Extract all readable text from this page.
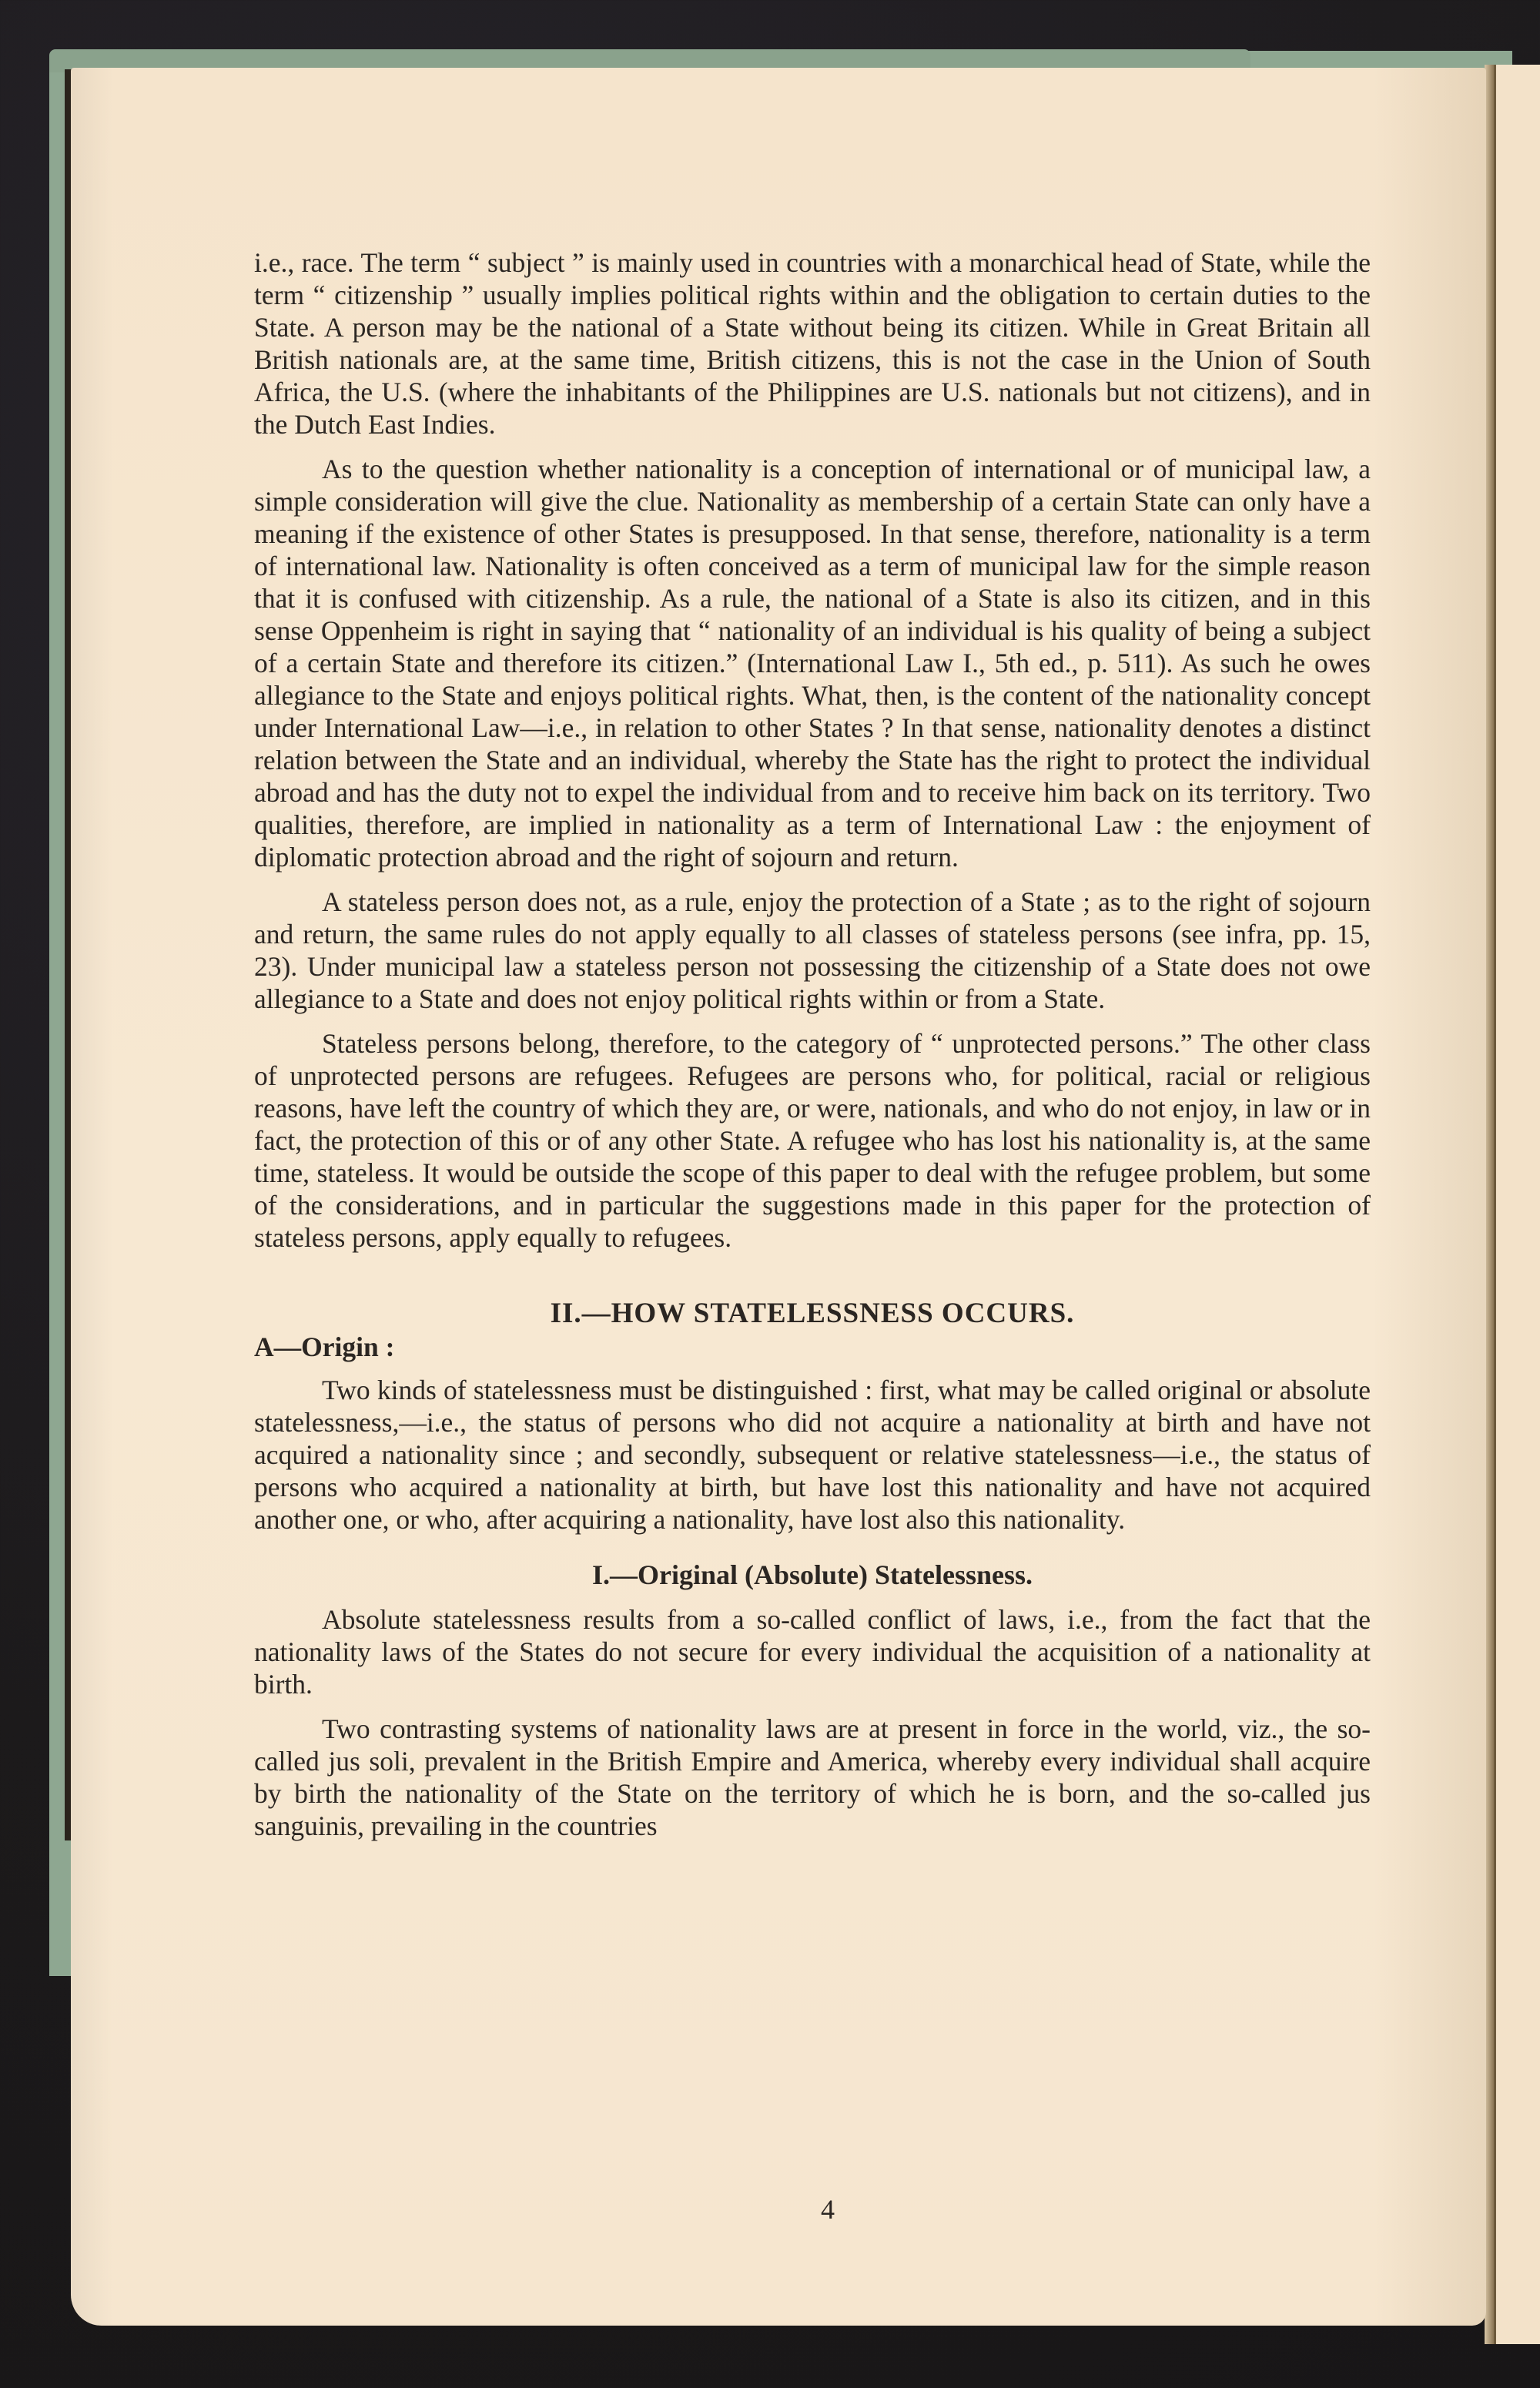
i.e., race. The term “ subject ” is mainly used in countries with a monarchical head of State, while the term “ citizenship ” usually implies political rights within and the obligation to certain duties to the State. A person may be the national of a State without being its citizen. While in Great Britain all British nationals are, at the same time, British citizens, this is not the case in the Union of South Africa, the U.S. (where the inhabitants of the Philippines are U.S. nationals but not citizens), and in the Dutch East Indies.

As to the question whether nationality is a conception of international or of municipal law, a simple consideration will give the clue. Nationality as membership of a certain State can only have a meaning if the existence of other States is presupposed. In that sense, therefore, nationality is a term of international law. Nationality is often conceived as a term of municipal law for the simple reason that it is confused with citizenship. As a rule, the national of a State is also its citizen, and in this sense Oppenheim is right in saying that “ nationality of an individual is his quality of being a subject of a certain State and therefore its citizen.” (International Law I., 5th ed., p. 511). As such he owes allegiance to the State and enjoys political rights. What, then, is the content of the nationality concept under International Law—i.e., in relation to other States ? In that sense, nationality denotes a distinct relation between the State and an individual, whereby the State has the right to protect the individual abroad and has the duty not to expel the individual from and to receive him back on its territory. Two qualities, therefore, are implied in nationality as a term of International Law : the enjoyment of diplomatic protection abroad and the right of sojourn and return.

A stateless person does not, as a rule, enjoy the protection of a State ; as to the right of sojourn and return, the same rules do not apply equally to all classes of stateless persons (see infra, pp. 15, 23). Under municipal law a stateless person not possessing the citizenship of a State does not owe allegiance to a State and does not enjoy political rights within or from a State.

Stateless persons belong, therefore, to the category of “ unprotected persons.” The other class of unprotected persons are refugees. Refugees are persons who, for political, racial or religious reasons, have left the country of which they are, or were, nationals, and who do not enjoy, in law or in fact, the protection of this or of any other State. A refugee who has lost his nationality is, at the same time, stateless. It would be outside the scope of this paper to deal with the refugee problem, but some of the considerations, and in particular the suggestions made in this paper for the protection of stateless persons, apply equally to refugees.

II.—HOW STATELESSNESS OCCURS.
A—Origin :

Two kinds of statelessness must be distinguished : first, what may be called original or absolute statelessness,—i.e., the status of persons who did not acquire a nationality at birth and have not acquired a nationality since ; and secondly, subsequent or relative statelessness—i.e., the status of persons who acquired a nationality at birth, but have lost this nationality and have not acquired another one, or who, after acquiring a nationality, have lost also this nationality.

I.—Original (Absolute) Statelessness.

Absolute statelessness results from a so-called conflict of laws, i.e., from the fact that the nationality laws of the States do not secure for every individual the acquisition of a nationality at birth.

Two contrasting systems of nationality laws are at present in force in the world, viz., the so-called jus soli, prevalent in the British Empire and America, whereby every individual shall acquire by birth the nationality of the State on the territory of which he is born, and the so-called jus sanguinis, prevailing in the countries

4
